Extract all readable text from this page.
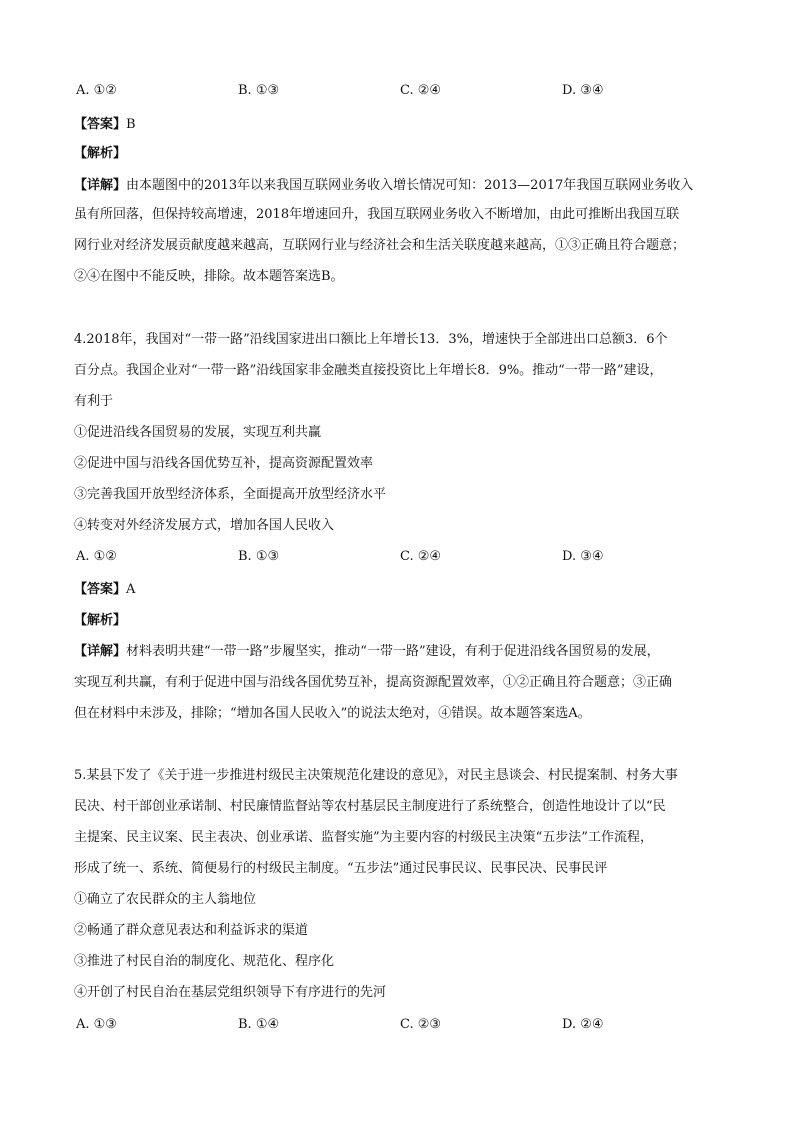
A. ①②	B. ①③	C. ②④	D. ③④
【答案】B
【解析】
【详解】由本题图中的2013年以来我国互联网业务收入增长情况可知：2013—2017年我国互联网业务收入
虽有所回落，但保持较高增速，2018年增速回升，我国互联网业务收入不断增加，由此可推断出我国互联
网行业对经济发展贡献度越来越高，互联网行业与经济社会和生活关联度越来越高，①③正确且符合题意；
②④在图中不能反映，排除。故本题答案选B。
4.2018年，我国对“一带一路”沿线国家进出口额比上年增长13．3%，增速快于全部进出口总额3．6个
百分点。我国企业对“一带一路”沿线国家非金融类直接投资比上年增长8．9%。推动“一带一路”建设，
有利于
①促进沿线各国贸易的发展，实现互利共赢
②促进中国与沿线各国优势互补，提高资源配置效率
③完善我国开放型经济体系，全面提高开放型经济水平
④转变对外经济发展方式，增加各国人民收入
A. ①②	B. ①③	C. ②④	D. ③④
【答案】A
【解析】
【详解】材料表明共建“一带一路”步履坚实，推动“一带一路”建设，有利于促进沿线各国贸易的发展，
实现互利共赢，有利于促进中国与沿线各国优势互补，提高资源配置效率，①②正确且符合题意；③正确
但在材料中未涉及，排除；“增加各国人民收入”的说法太绝对，④错误。故本题答案选A。
5.某县下发了《关于进一步推进村级民主决策规范化建设的意见》，对民主恳谈会、村民提案制、村务大事
民决、村干部创业承诺制、村民廉情监督站等农村基层民主制度进行了系统整合，创造性地设计了以“民
主提案、民主议案、民主表决、创业承诺、监督实施”为主要内容的村级民主决策“五步法”工作流程，
形成了统一、系统、简便易行的村级民主制度。“五步法”通过民事民议、民事民决、民事民评
①确立了农民群众的主人翁地位
②畅通了群众意见表达和利益诉求的渠道
③推进了村民自治的制度化、规范化、程序化
④开创了村民自治在基层党组织领导下有序进行的先河
A. ①③	B. ①④	C. ②③	D. ②④
